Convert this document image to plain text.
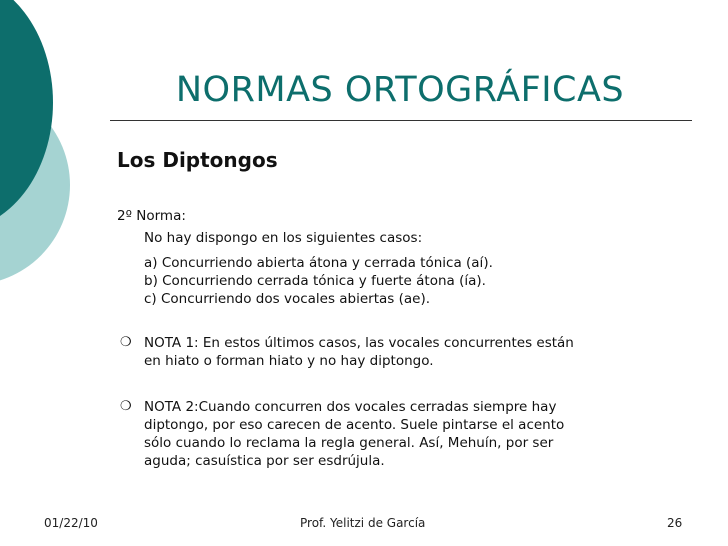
NORMAS ORTOGRÁFICAS
Los Diptongos
2º Norma:
No hay dispongo en los siguientes casos:
a) Concurriendo abierta átona y cerrada tónica (aí).
b) Concurriendo cerrada tónica y fuerte átona (ía).
c) Concurriendo dos vocales abiertas (ae).
❍ NOTA 1: En estos últimos casos, las vocales concurrentes están
en hiato o forman hiato y no hay diptongo.
❍ NOTA 2:Cuando concurren dos vocales cerradas siempre hay
diptongo, por eso carecen de acento. Suele pintarse el acento
sólo cuando lo reclama la regla general. Así, Mehuín, por ser
aguda; casuística por ser esdrújula.
01/22/10	Prof. Yelitzi de García	26
